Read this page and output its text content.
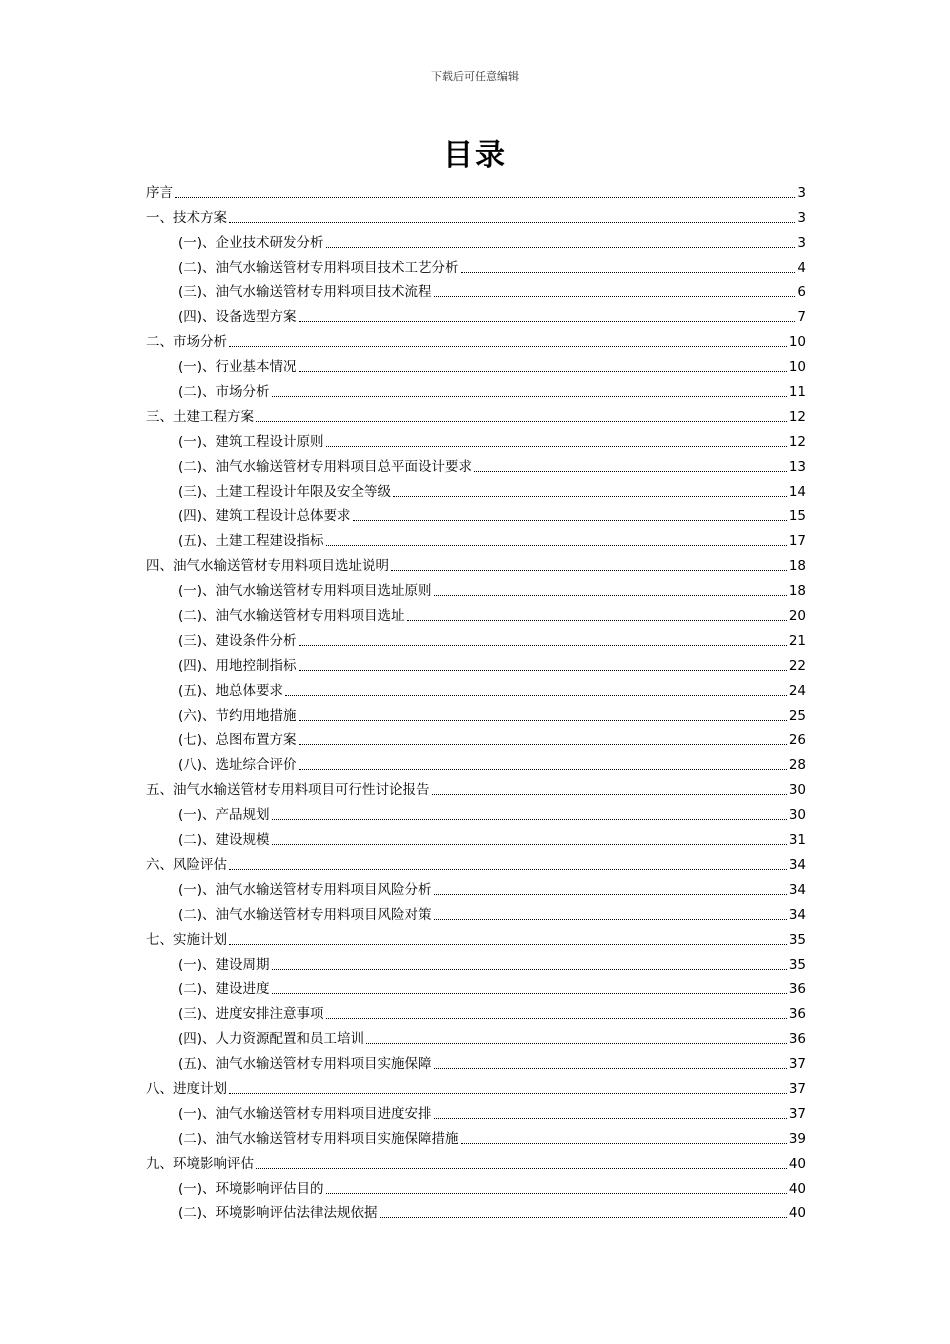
下载后可任意编辑
目录
序言	3
一、技术方案	3
(一)、企业技术研发分析	3
(二)、油气水输送管材专用料项目技术工艺分析	4
(三)、油气水输送管材专用料项目技术流程	6
(四)、设备选型方案	7
二、市场分析	10
(一)、行业基本情况	10
(二)、市场分析	11
三、土建工程方案	12
(一)、建筑工程设计原则	12
(二)、油气水输送管材专用料项目总平面设计要求	13
(三)、土建工程设计年限及安全等级	14
(四)、建筑工程设计总体要求	15
(五)、土建工程建设指标	17
四、油气水输送管材专用料项目选址说明	18
(一)、油气水输送管材专用料项目选址原则	18
(二)、油气水输送管材专用料项目选址	20
(三)、建设条件分析	21
(四)、用地控制指标	22
(五)、地总体要求	24
(六)、节约用地措施	25
(七)、总图布置方案	26
(八)、选址综合评价	28
五、油气水输送管材专用料项目可行性讨论报告	30
(一)、产品规划	30
(二)、建设规模	31
六、风险评估	34
(一)、油气水输送管材专用料项目风险分析	34
(二)、油气水输送管材专用料项目风险对策	34
七、实施计划	35
(一)、建设周期	35
(二)、建设进度	36
(三)、进度安排注意事项	36
(四)、人力资源配置和员工培训	36
(五)、油气水输送管材专用料项目实施保障	37
八、进度计划	37
(一)、油气水输送管材专用料项目进度安排	37
(二)、油气水输送管材专用料项目实施保障措施	39
九、环境影响评估	40
(一)、环境影响评估目的	40
(二)、环境影响评估法律法规依据	40
